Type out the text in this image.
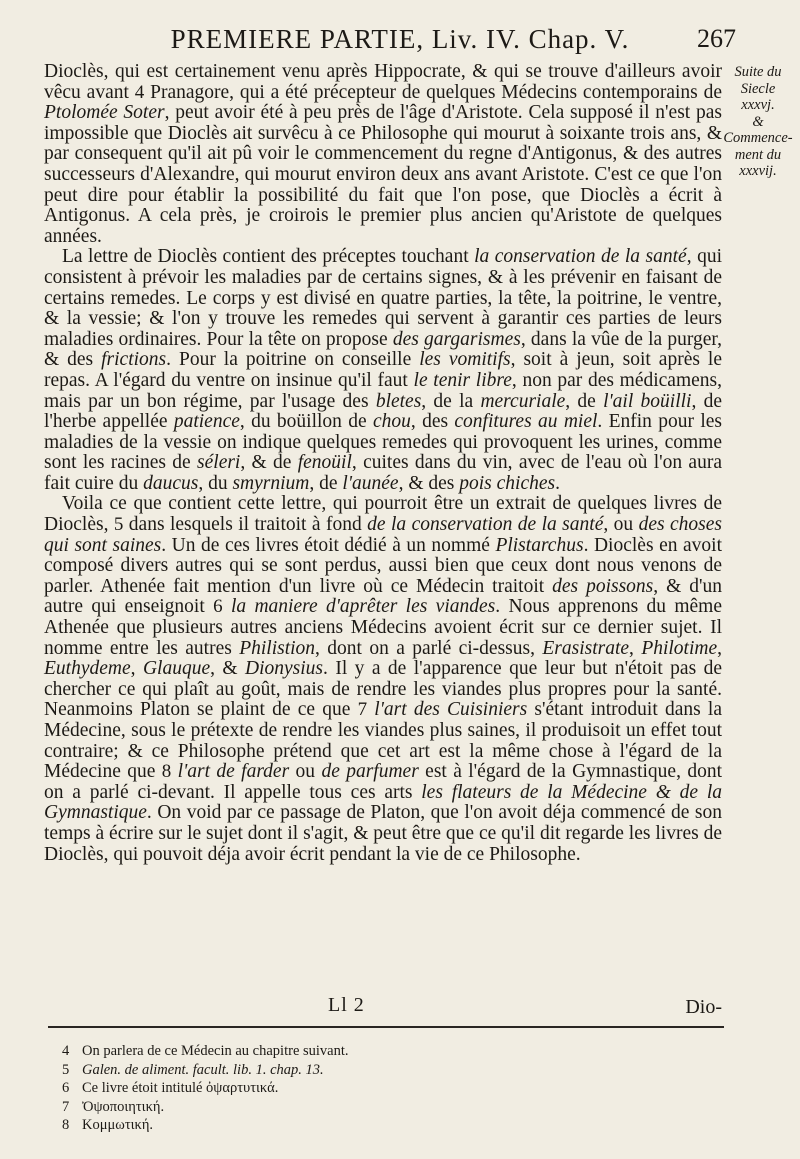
PREMIERE PARTIE, Liv. IV. Chap. V.	267
Suite du
Siecle
xxxvj.
& Commence-
ment du
xxxvij.

Dioclès, qui est certainement venu après Hippocrate, & qui se trouve d'ailleurs avoir vêcu avant 4 Pranagore, qui a été précepteur de quelques Médecins contemporains de Ptolomée Soter, peut avoir été à peu près de l'âge d'Aristote. Cela supposé il n'est pas impossible que Dioclès ait survêcu à ce Philosophe qui mourut à soixante trois ans, & par consequent qu'il ait pû voir le commencement du regne d'Antigonus, & des autres successeurs d'Alexandre, qui mourut environ deux ans avant Aristote. C'est ce que l'on peut dire pour établir la possibilité du fait que l'on pose, que Dioclès a écrit à Antigonus. A cela près, je croirois le premier plus ancien qu'Aristote de quelques années.

La lettre de Dioclès contient des préceptes touchant la conservation de la santé, qui consistent à prévoir les maladies par de certains signes, & à les prévenir en faisant de certains remedes. Le corps y est divisé en quatre parties, la tête, la poitrine, le ventre, & la vessie; & l'on y trouve les remedes qui servent à garantir ces parties de leurs maladies ordinaires. Pour la tête on propose des gargarismes, dans la vûe de la purger, & des frictions. Pour la poitrine on conseille les vomitifs, soit à jeun, soit après le repas. A l'égard du ventre on insinue qu'il faut le tenir libre, non par des médicamens, mais par un bon régime, par l'usage des bletes, de la mercuriale, de l'ail boüilli, de l'herbe appellée patience, du boüillon de chou, des confitures au miel. Enfin pour les maladies de la vessie on indique quelques remedes qui provoquent les urines, comme sont les racines de séleri, & de fenoüil, cuites dans du vin, avec de l'eau où l'on aura fait cuire du daucus, du smyrnium, de l'aunée, & des pois chiches.

Voila ce que contient cette lettre, qui pourroit être un extrait de quelques livres de Dioclès, 5 dans lesquels il traitoit à fond de la conservation de la santé, ou des choses qui sont saines. Un de ces livres étoit dédié à un nommé Plistarchus. Dioclès en avoit composé divers autres qui se sont perdus, aussi bien que ceux dont nous venons de parler. Athenée fait mention d'un livre où ce Médecin traitoit des poissons, & d'un autre qui enseignoit 6 la maniere d'aprêter les viandes. Nous apprenons du même Athenée que plusieurs autres anciens Médecins avoient écrit sur ce dernier sujet. Il nomme entre les autres Philistion, dont on a parlé ci-dessus, Erasistrate, Philotime, Euthydeme, Glauque, & Dionysius. Il y a de l'apparence que leur but n'étoit pas de chercher ce qui plaît au goût, mais de rendre les viandes plus propres pour la santé. Neanmoins Platon se plaint de ce que 7 l'art des Cuisiniers s'étant introduit dans la Médecine, sous le prétexte de rendre les viandes plus saines, il produisoit un effet tout contraire; & ce Philosophe prétend que cet art est la même chose à l'égard de la Médecine que 8 l'art de farder ou de parfumer est à l'égard de la Gymnastique, dont on a parlé ci-devant. Il appelle tous ces arts les flateurs de la Médecine & de la Gymnastique. On void par ce passage de Platon, que l'on avoit déja commencé de son temps à écrire sur le sujet dont il s'agit, & peut être que ce qu'il dit regarde les livres de Dioclès, qui pouvoit déja avoir écrit pendant la vie de ce Philosophe.

Ll 2	Dio-
4 On parlera de ce Médecin au chapitre suivant.
5 Galen. de aliment. facult. lib. 1. chap. 13.
6 Ce livre étoit intitulé ὀψαρτυτικά.
7 Ὀψοποιητική.
8 Κομμωτική.
